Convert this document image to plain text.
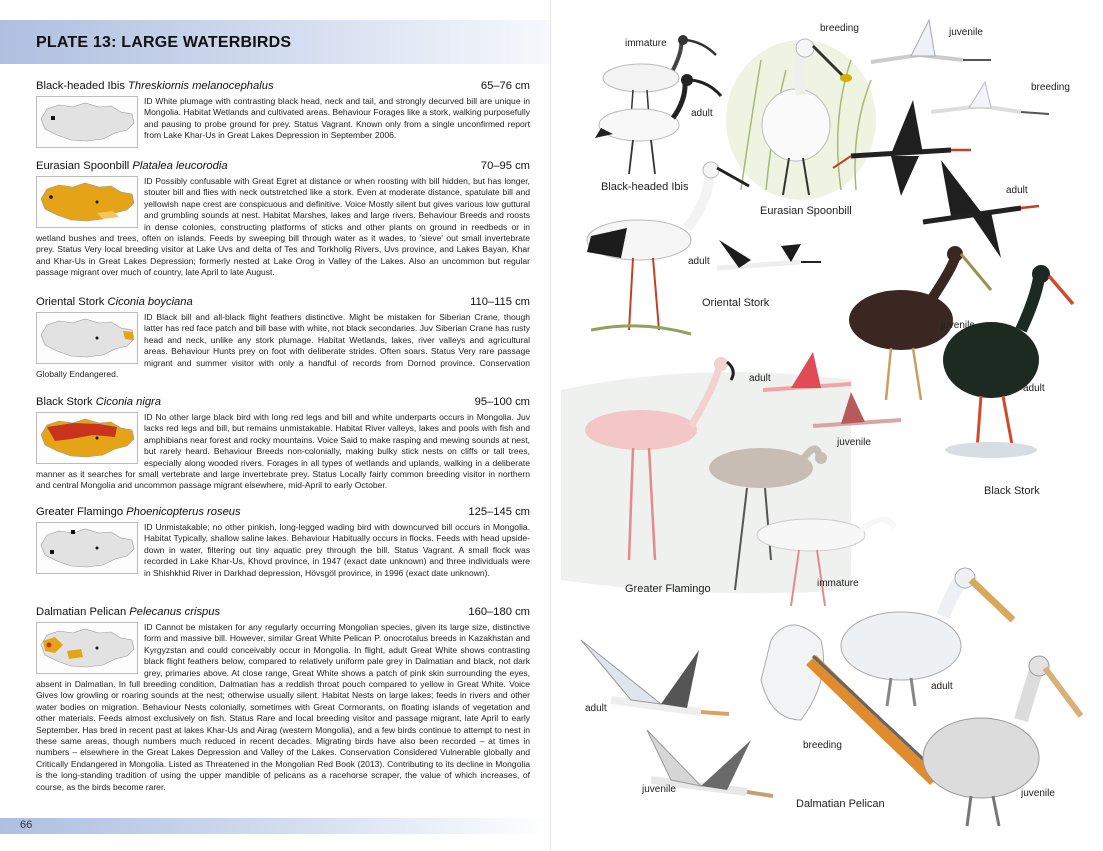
PLATE 13: LARGE WATERBIRDS
Black-headed Ibis Threskiornis melanocephalus	65–76 cm
ID White plumage with contrasting black head, neck and tail, and strongly decurved bill are unique in Mongolia. Habitat Wetlands and cultivated areas. Behaviour Forages like a stork, walking purposefully and pausing to probe ground for prey. Status Vagrant. Known only from a single unconfirmed report from Lake Khar-Us in Great Lakes Depression in September 2006.
Eurasian Spoonbill Platalea leucorodia	70–95 cm
ID Possibly confusable with Great Egret at distance or when roosting with bill hidden, but has longer, stouter bill and flies with neck outstretched like a stork. Even at moderate distance, spatulate bill and yellowish nape crest are conspicuous and definitive. Voice Mostly silent but gives various low guttural and grumbling sounds at nest. Habitat Marshes, lakes and large rivers. Behaviour Breeds and roosts in dense colonies, constructing platforms of sticks and other plants on ground in reedbeds or in wetland bushes and trees, often on islands. Feeds by sweeping bill through water as it wades, to 'sieve' out small invertebrate prey. Status Very local breeding visitor at Lake Uvs and delta of Tes and Torkholig Rivers, Uvs province, and Lakes Bayan, Khar and Khar-Us in Great Lakes Depression; formerly nested at Lake Orog in Valley of the Lakes. Also an uncommon but regular passage migrant over much of country, late April to late August.
Oriental Stork Ciconia boyciana	110–115 cm
ID Black bill and all-black flight feathers distinctive. Might be mistaken for Siberian Crane, though latter has red face patch and bill base with white, not black secondaries. Juv Siberian Crane has rusty head and neck, unlike any stork plumage. Habitat Wetlands, lakes, river valleys and agricultural areas. Behaviour Hunts prey on foot with deliberate strides. Often soars. Status Very rare passage migrant and summer visitor with only a handful of records from Dornod province. Conservation Globally Endangered.
Black Stork Ciconia nigra	95–100 cm
ID No other large black bird with long red legs and bill and white underparts occurs in Mongolia. Juv lacks red legs and bill, but remains unmistakable. Habitat River valleys, lakes and pools with fish and amphibians near forest and rocky mountains. Voice Said to make rasping and mewing sounds at nest, but rarely heard. Behaviour Breeds non-colonially, making bulky stick nests on cliffs or tall trees, especially along wooded rivers. Forages in all types of wetlands and uplands, walking in a deliberate manner as it searches for small vertebrate and large invertebrate prey. Status Locally fairly common breeding visitor in northern and central Mongolia and uncommon passage migrant elsewhere, mid-April to early October.
Greater Flamingo Phoenicopterus roseus	125–145 cm
ID Unmistakable; no other pinkish, long-legged wading bird with downcurved bill occurs in Mongolia. Habitat Typically, shallow saline lakes. Behaviour Habitually occurs in flocks. Feeds with head upside-down in water, filtering out tiny aquatic prey through the bill. Status Vagrant. A small flock was recorded in Lake Khar-Us, Khovd province, in 1947 (exact date unknown) and three individuals were in Shishkhid River in Darkhad depression, Hövsgöl province, in 1996 (exact date unknown).
Dalmatian Pelican Pelecanus crispus	160–180 cm
ID Cannot be mistaken for any regularly occurring Mongolian species, given its large size, distinctive form and massive bill. However, similar Great White Pelican P. onocrotalus breeds in Kazakhstan and Kyrgyzstan and could conceivably occur in Mongolia. In flight, adult Great White shows contrasting black flight feathers below, compared to relatively uniform pale grey in Dalmatian and black, not dark grey, primaries above. At close range, Great White shows a patch of pink skin surrounding the eyes, absent in Dalmatian. In full breeding condition, Dalmatian has a reddish throat pouch compared to yellow in Great White. Voice Gives low growling or roaring sounds at the nest; otherwise usually silent. Habitat Nests on large lakes; feeds in rivers and other water bodies on migration. Behaviour Nests colonially, sometimes with Great Cormorants, on floating islands of vegetation and other materials. Feeds almost exclusively on fish. Status Rare and local breeding visitor and passage migrant, late April to early September. Has bred in recent past at lakes Khar-Us and Airag (western Mongolia), and a few birds continue to attempt to nest in these same areas, though numbers much reduced in recent decades. Migrating birds have also been recorded – at times in numbers – elsewhere in the Great Lakes Depression and Valley of the Lakes. Conservation Considered Vulnerable globally and Critically Endangered in Mongolia. Listed as Threatened in the Mongolian Red Book (2013). Contributing to its decline in Mongolia is the long-standing tradition of using the upper mandible of pelicans as a racehorse scraper, the value of which increases, of course, as the birds become rarer.
66
immature
adult
Black-headed Ibis
breeding
Eurasian Spoonbill
juvenile
breeding
adult
adult
Oriental Stork
juvenile
adult
Black Stork
adult
juvenile
Greater Flamingo	immature
adult
adult
breeding
juvenile
Dalmatian Pelican
juvenile
